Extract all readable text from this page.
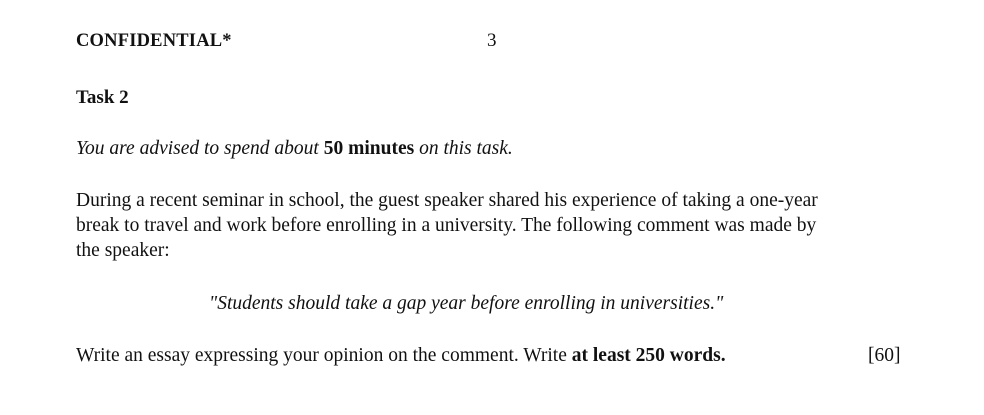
CONFIDENTIAL*	3
Task 2
You are advised to spend about 50 minutes on this task.
During a recent seminar in school, the guest speaker shared his experience of taking a one-year
break to travel and work before enrolling in a university. The following comment was made by
the speaker:
"Students should take a gap year before enrolling in universities."
Write an essay expressing your opinion on the comment. Write at least 250 words.	[60]
